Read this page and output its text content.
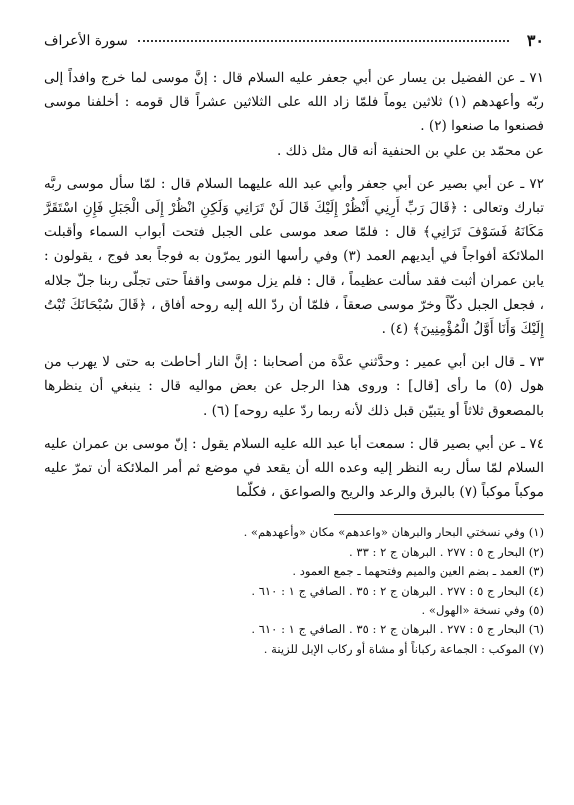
٣٠
سورة الأعراف

٧١ ـ عن الفضيل بن يسار عن أبي جعفر عليه السلام قال : إنَّ موسى لما خرج وافداً إلى ربّه وأعهدهم (١) ثلاثين يوماً فلمّا زاد الله على الثلاثين عشراً قال قومه : أخلفنا موسى فصنعوا ما صنعوا (٢) .

عن محمّد بن علي بن الحنفية أنه قال مثل ذلك .

٧٢ ـ عن أبي بصير عن أبي جعفر وأبي عبد الله عليهما السلام قال : لمّا سأل موسى ربَّه تبارك وتعالى : ﴿قَالَ رَبِّ أَرِنِي أَنْظُرْ إِلَيْكَ قَالَ لَنْ تَرَانِي وَلَكِنِ انْظُرْ إِلَى الْجَبَلِ فَإِنِ اسْتَقَرَّ مَكَانَهُ فَسَوْفَ تَرَانِي﴾ قال : فلمّا صعد موسى على الجبل فتحت أبواب السماء وأقبلت الملائكة أفواجاً في أيديهم العمد (٣) وفي رأسها النور يمرّون به فوجاً بعد فوج ، يقولون : يابن عمران أثبت فقد سألت عظيماً ، قال : فلم يزل موسى واقفاً حتى تجلّى ربنا جلّ جلاله ، فجعل الجبل دكّاً وخرّ موسى صعقاً ، فلمّا أن ردّ الله إليه روحه أفاق ، ﴿قَالَ سُبْحَانَكَ تُبْتُ إِلَيْكَ وَأَنَا أَوَّلُ الْمُؤْمِنِينَ﴾ (٤) .

٧٣ ـ قال ابن أبي عمير : وحدَّثني عدَّة من أصحابنا : إنَّ النار أحاطت به حتى لا يهرب من هول (٥) ما رأى [قال] : وروى هذا الرجل عن بعض مواليه قال : ينبغي أن ينظرها بالمصعوق ثلاثاً أو يتبيّن قبل ذلك لأنه ربما ردّ عليه روحه] (٦) .

٧٤ ـ عن أبي بصير قال : سمعت أبا عبد الله عليه السلام يقول : إنّ موسى بن عمران عليه السلام لمّا سأل ربه النظر إليه وعده الله أن يقعد في موضع ثم أمر الملائكة أن تمرّ عليه موكباً موكباً (٧) بالبرق والرعد والريح والصواعق ، فكلّما

(١) وفي نسختي البحار والبرهان «واعدهم» مكان «وأعهدهم» .
(٢) البحار ج ٥ : ٢٧٧ . البرهان ج ٢ : ٣٣ .
(٣) العمد ـ بضم العين والميم وفتحهما ـ جمع العمود .
(٤) البحار ج ٥ : ٢٧٧ . البرهان ج ٢ : ٣٥ . الصافي ج ١ : ٦١٠ .
(٥) وفي نسخة «الهول» .
(٦) البحار ج ٥ : ٢٧٧ . البرهان ج ٢ : ٣٥ . الصافي ج ١ : ٦١٠ .
(٧) الموكب : الجماعة ركباناً أو مشاة أو ركاب الإبل للزينة .
